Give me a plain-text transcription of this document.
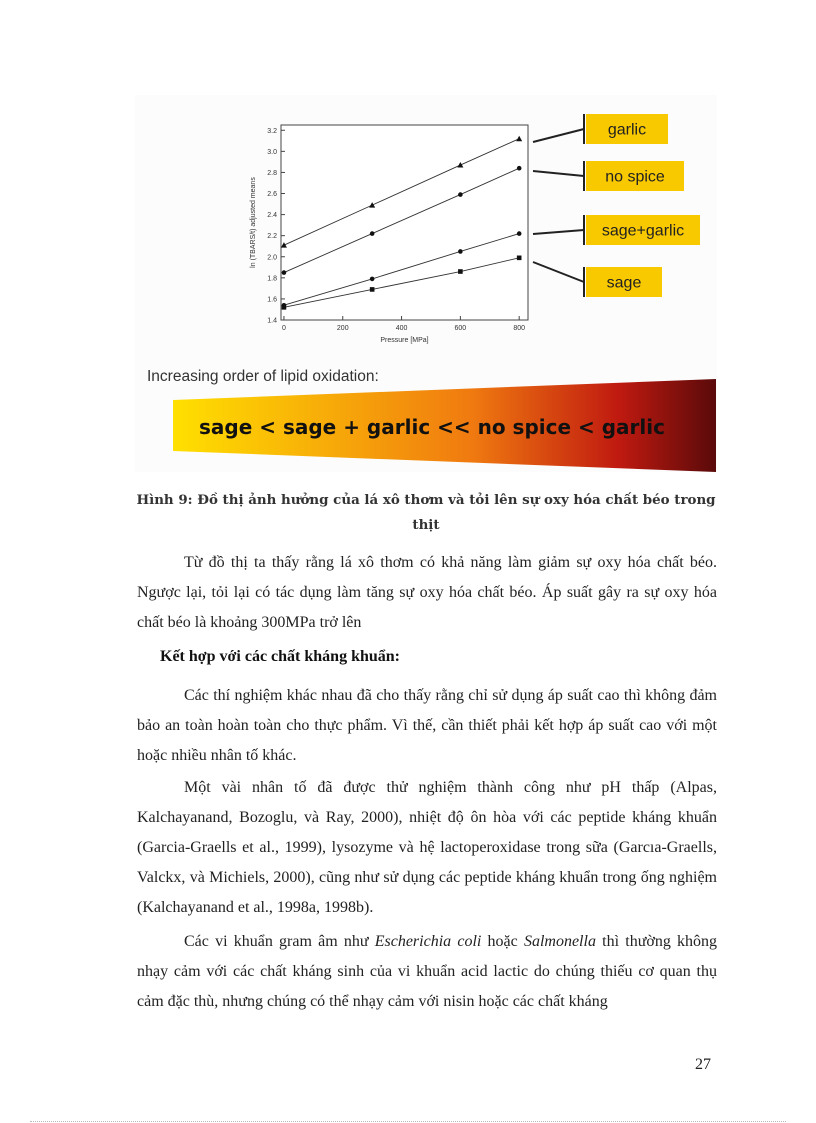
1.4
1.6
1.8
2.0
2.2
2.4
2.6
2.8
3.0
3.2
0	200	400	600	800
Pressure [MPa]
ln (TBARS/t) adjusted means
garlic
no spice
sage+garlic
sage
Increasing order of lipid oxidation:
sage < sage + garlic << no spice < garlic
Hình 9: Đồ thị ảnh hưởng của lá xô thơm và tỏi lên sự oxy hóa chất béo trong thịt

Từ đồ thị ta thấy rằng lá xô thơm có khả năng làm giảm sự oxy hóa chất béo. Ngược lại, tỏi lại có tác dụng làm tăng sự oxy hóa chất béo. Áp suất gây ra sự oxy hóa chất béo là khoảng 300MPa trở lên

Kết hợp với các chất kháng khuẩn:

Các thí nghiệm khác nhau đã cho thấy rằng chỉ sử dụng áp suất cao thì không đảm bảo an toàn hoàn toàn cho thực phẩm. Vì thế, cần thiết phải kết hợp áp suất cao với một hoặc nhiều nhân tố khác.

Một vài nhân tố đã được thử nghiệm thành công như pH thấp (Alpas, Kalchayanand, Bozoglu, và Ray, 2000), nhiệt độ ôn hòa với các peptide kháng khuẩn (Garcia-Graells et al., 1999), lysozyme và hệ lactoperoxidase trong sữa (Garcıa-Graells, Valckx, và Michiels, 2000), cũng như sử dụng các peptide kháng khuẩn trong ống nghiệm (Kalchayanand et al., 1998a, 1998b).

Các vi khuẩn gram âm như Escherichia coli hoặc Salmonella thì thường không nhạy cảm với các chất kháng sinh của vi khuẩn acid lactic do chúng thiếu cơ quan thụ cảm đặc thù, nhưng chúng có thể nhạy cảm với nisin hoặc các chất kháng

27
